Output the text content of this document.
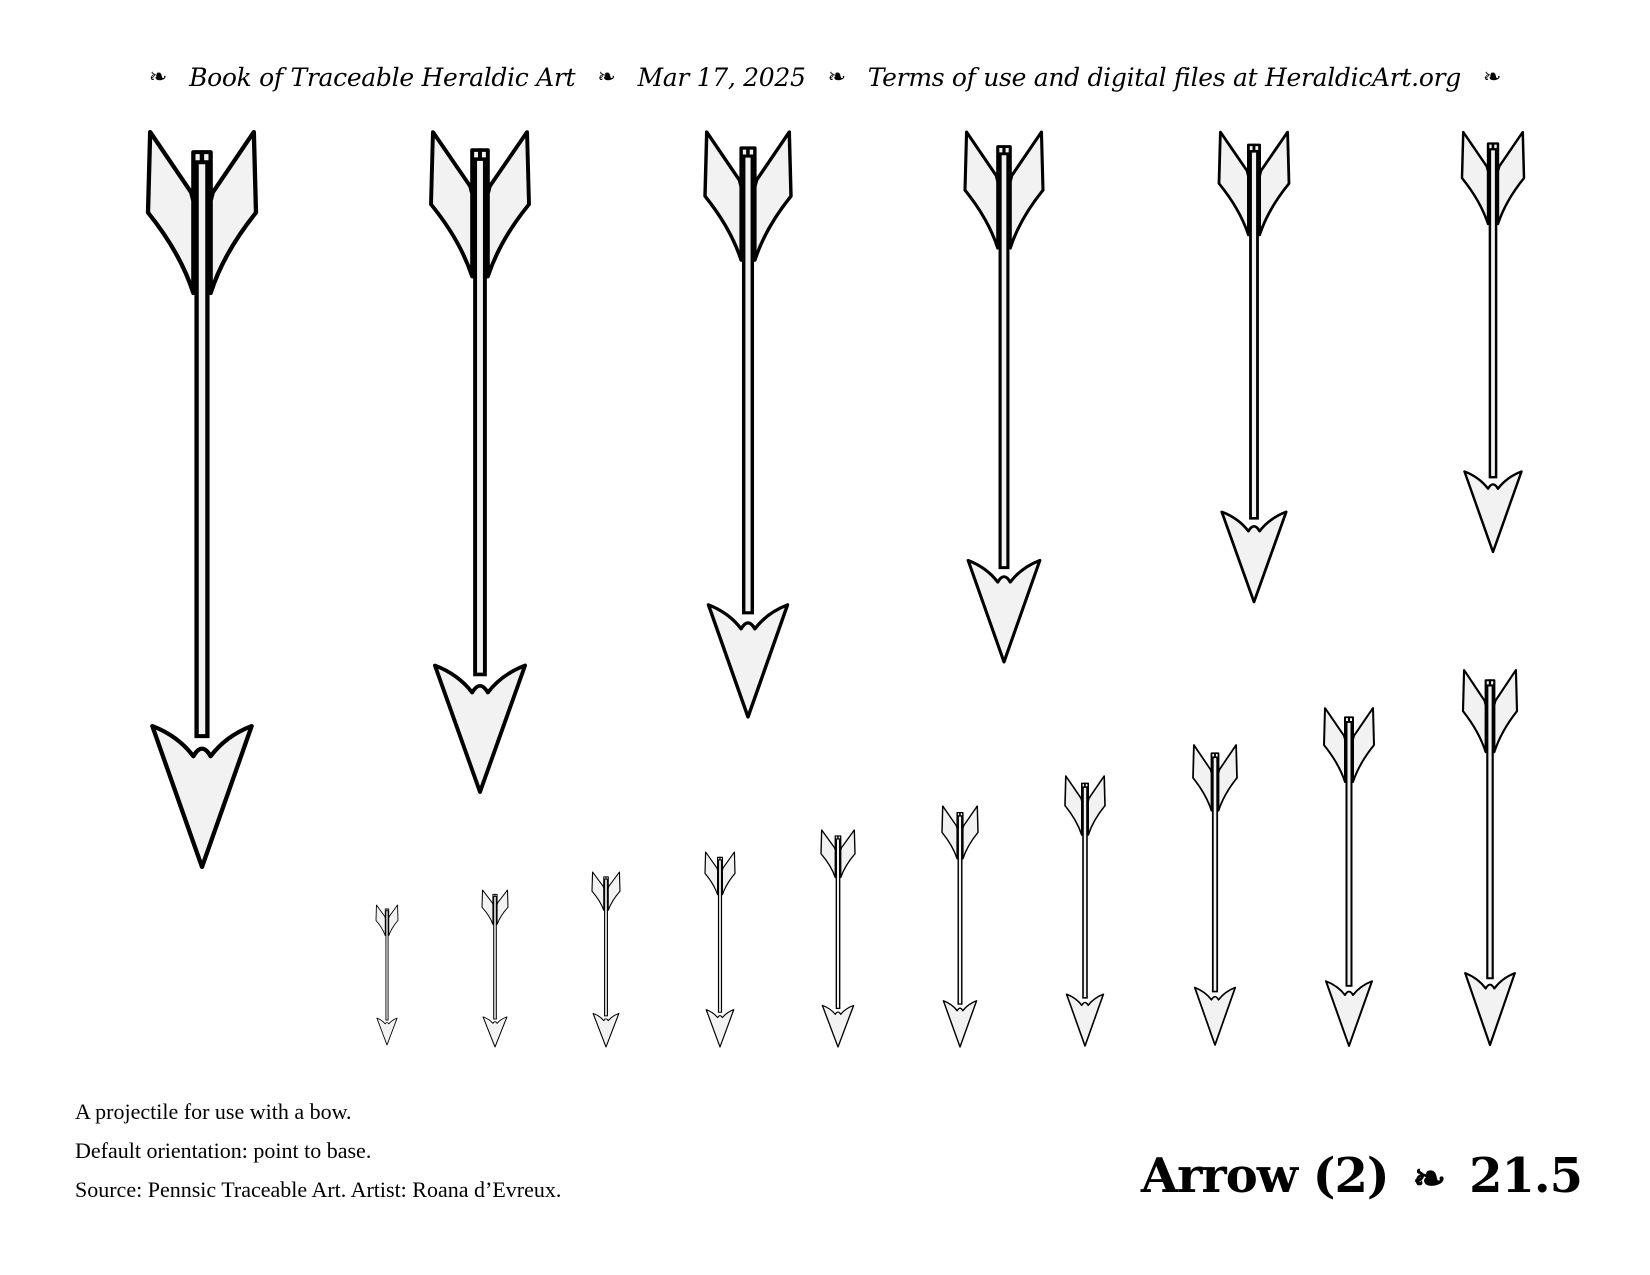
❧ Book of Traceable Heraldic Art ❧ Mar 17, 2025 ❧ Terms of use and digital files at HeraldicArt.org ❧
A projectile for use with a bow.
Default orientation: point to base.
Source: Pennsic Traceable Art. Artist: Roana d’Evreux.	Arrow (2) ❧ 21.5
